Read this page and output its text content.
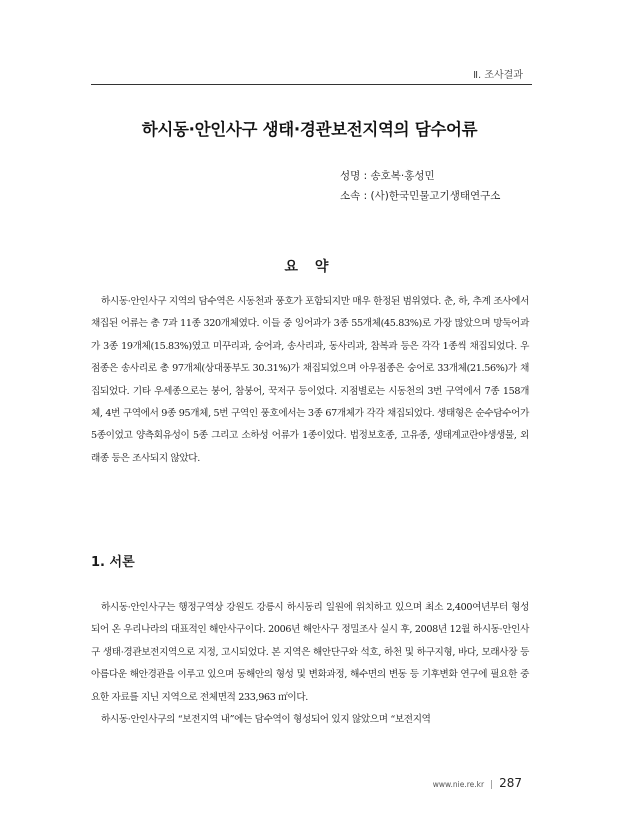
Ⅱ. 조사결과
하시동·안인사구 생태·경관보전지역의 담수어류
성명 : 송호복·홍성민
소속 : (사)한국민물고기생태연구소
요 약

하시동·안인사구 지역의 담수역은 시동천과 풍호가 포함되지만 매우 한정된 범위였다. 춘, 하, 추계 조사에서 채집된 어류는 총 7과 11종 320개체였다. 이들 중 잉어과가 3종 55개체(45.83%)로 가장 많았으며 망둑어과가 3종 19개체(15.83%)였고 미꾸리과, 숭어과, 송사리과, 동사리과, 참복과 등은 각각 1종씩 채집되었다. 우점종은 송사리로 총 97개체(상대풍부도 30.31%)가 채집되었으며 아우점종은 숭어로 33개체(21.56%)가 채집되었다. 기타 우세종으로는 붕어, 참붕어, 꾹저구 등이었다. 지점별로는 시동천의 3번 구역에서 7종 158개체, 4번 구역에서 9종 95개체, 5번 구역인 풍호에서는 3종 67개체가 각각 채집되었다. 생태형은 순수담수어가 5종이었고 양측회유성이 5종 그리고 소하성 어류가 1종이었다. 법정보호종, 고유종, 생태계교란야생생물, 외래종 등은 조사되지 않았다.

1. 서론

하시동·안인사구는 행정구역상 강원도 강릉시 하시동리 일원에 위치하고 있으며 최소 2,400여년부터 형성되어 온 우리나라의 대표적인 해안사구이다. 2006년 해안사구 정밀조사 실시 후, 2008년 12월 하시동·안인사구 생태·경관보전지역으로 지정, 고시되었다. 본 지역은 해안단구와 석호, 하천 및 하구지형, 바다, 모래사장 등 아름다운 해안경관을 이루고 있으며 동해안의 형성 및 변화과정, 해수면의 변동 등 기후변화 연구에 필요한 중요한 자료를 지닌 지역으로 전체면적 233,963 ㎡이다.

하시동·안인사구의 “보전지역 내”에는 담수역이 형성되어 있지 않았으며 “보전지역

www.nie.re.kr | 287
